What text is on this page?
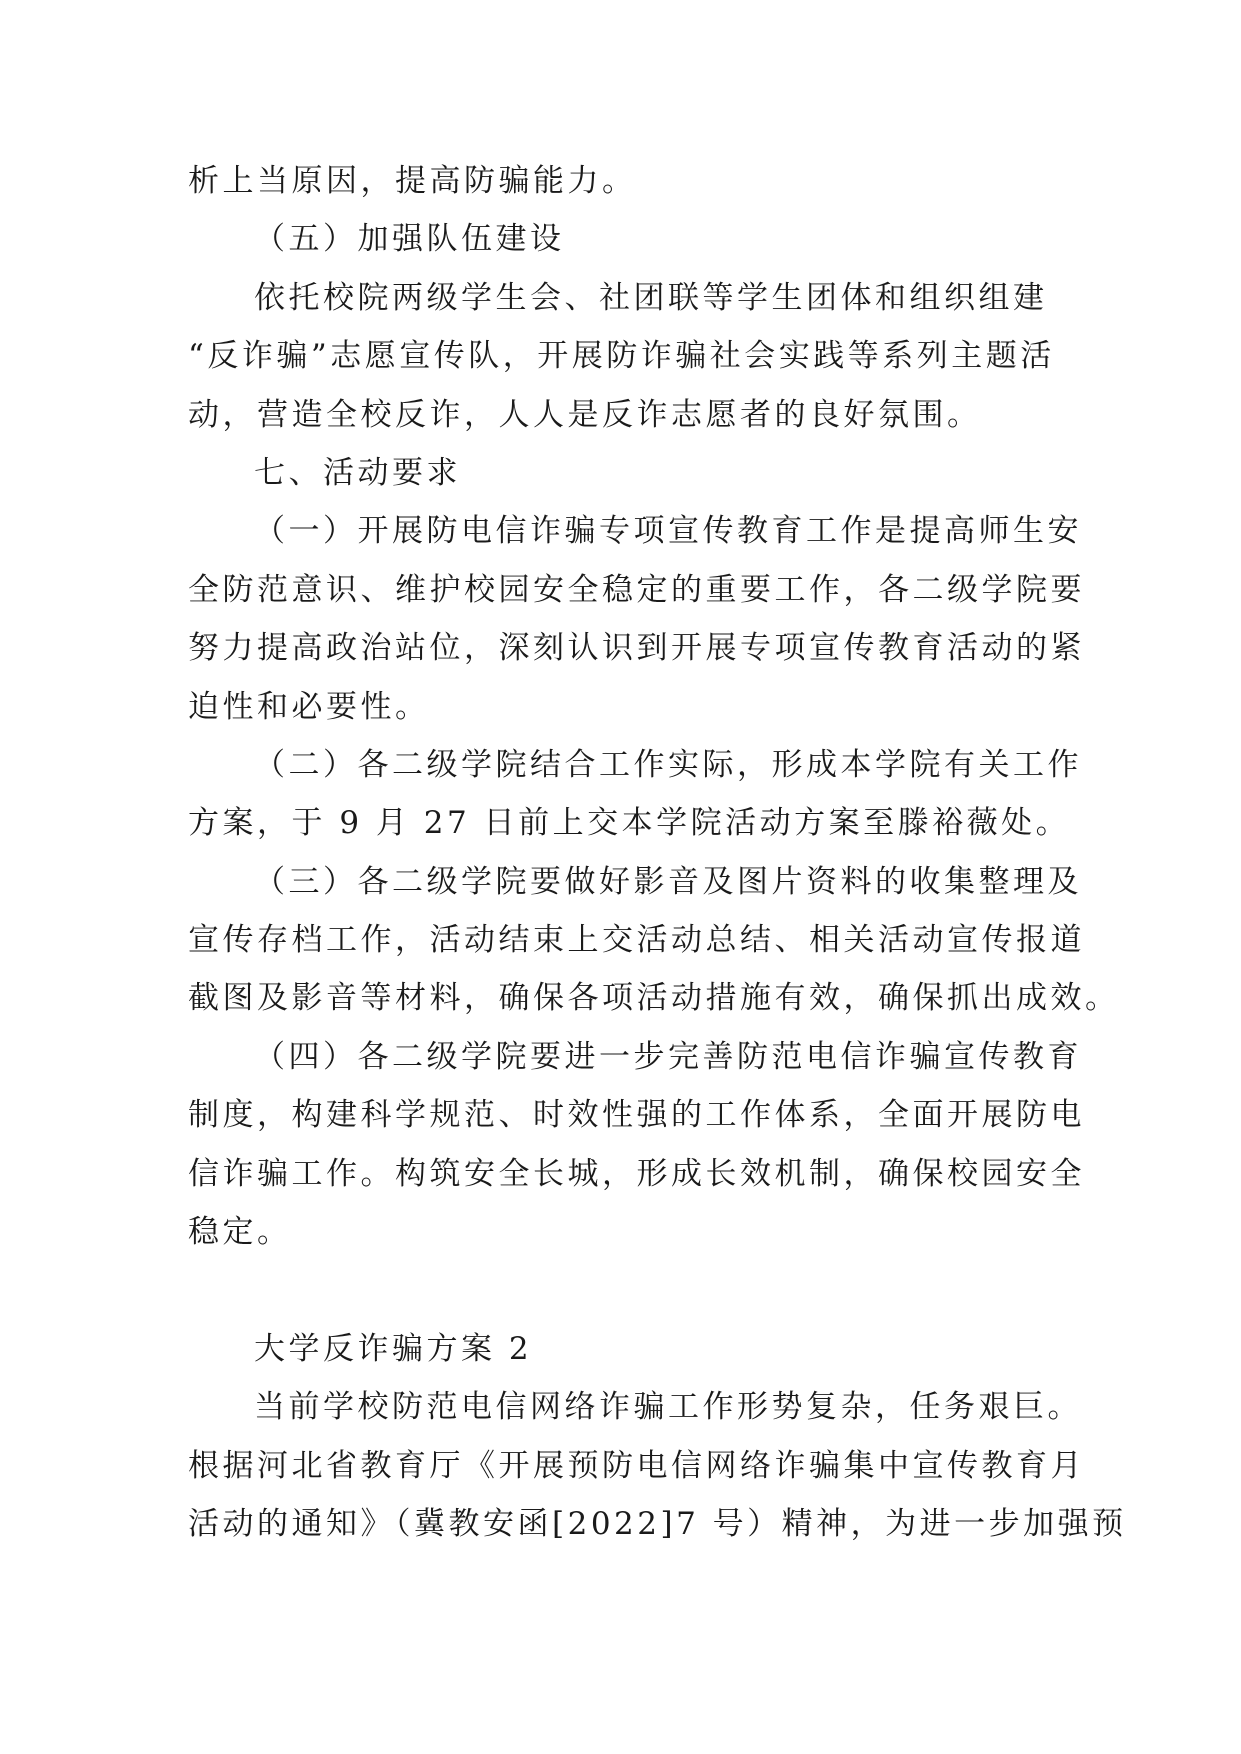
析上当原因，提高防骗能力。
（五）加强队伍建设
依托校院两级学生会、社团联等学生团体和组织组建
“反诈骗”志愿宣传队，开展防诈骗社会实践等系列主题活
动，营造全校反诈，人人是反诈志愿者的良好氛围。
七、活动要求
（一）开展防电信诈骗专项宣传教育工作是提高师生安
全防范意识、维护校园安全稳定的重要工作，各二级学院要
努力提高政治站位，深刻认识到开展专项宣传教育活动的紧
迫性和必要性。
（二）各二级学院结合工作实际，形成本学院有关工作
方案，于 9 月 27 日前上交本学院活动方案至滕裕薇处。
（三）各二级学院要做好影音及图片资料的收集整理及
宣传存档工作，活动结束上交活动总结、相关活动宣传报道
截图及影音等材料，确保各项活动措施有效，确保抓出成效。
（四）各二级学院要进一步完善防范电信诈骗宣传教育
制度，构建科学规范、时效性强的工作体系，全面开展防电
信诈骗工作。构筑安全长城，形成长效机制，确保校园安全
稳定。
大学反诈骗方案 2
当前学校防范电信网络诈骗工作形势复杂，任务艰巨。
根据河北省教育厅《开展预防电信网络诈骗集中宣传教育月
活动的通知》（冀教安函[2022]7 号）精神，为进一步加强预
